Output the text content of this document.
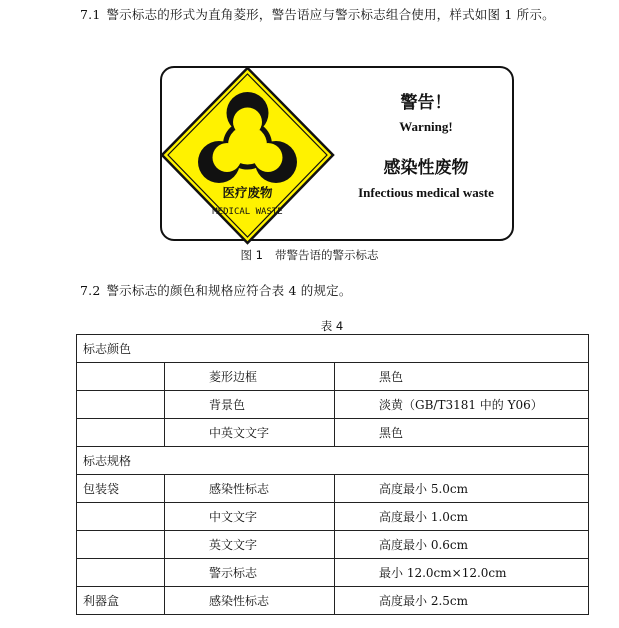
7.1 警示标志的形式为直角菱形，警告语应与警示标志组合使用，样式如图 1 所示。
医疗废物
MEDICAL WASTE
警告！
Warning!
感染性废物
Infectious medical waste
图 1 带警告语的警示标志
7.2 警示标志的颜色和规格应符合表 4 的规定。
表 4
标志颜色		
	菱形边框	黑色
	背景色	淡黄（GB/T3181 中的 Y06）
	中英文文字	黑色
标志规格		
包装袋	感染性标志	高度最小 5.0cm
	中文文字	高度最小 1.0cm
	英文文字	高度最小 0.6cm
	警示标志	最小 12.0cm×12.0cm
利器盒	感染性标志	高度最小 2.5cm
